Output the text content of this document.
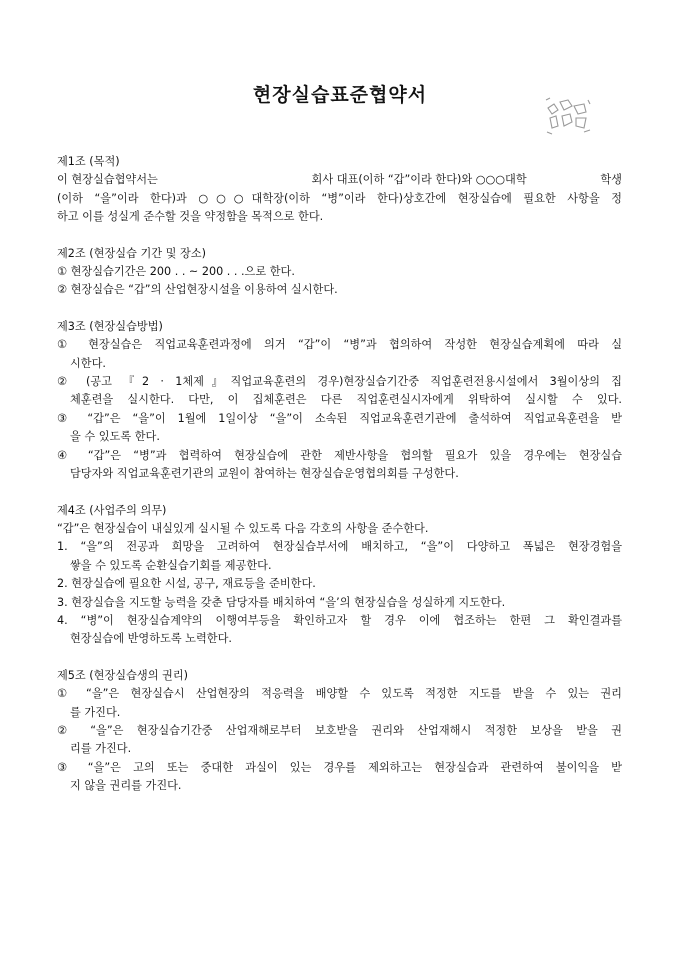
현장실습표준협약서

제1조 (목적)

이 현장실습협약서는	회사 대표(이하 “갑”이라 한다)와 ○○○대학	학생

(이하 “을”이라 한다)과 ○○○대학장(이하 “병”이라 한다)상호간에 현장실습에 필요한 사항을 정

하고 이를 성실게 준수할 것을 약정함을 목적으로 한다.

제2조 (현장실습 기간 및 장소)

① 현장실습기간은 200 . . ~ 200 . . .으로 한다.

② 현장실습은 “갑”의 산업현장시설을 이용하여 실시한다.

제3조 (현장실습방법)

① 현장실습은 직업교육훈련과정에 의거 “갑”이 “병”과 협의하여 작성한 현장실습계획에 따라 실

시한다.

② (공고 『2 · 1체제』직업교육훈련의 경우)현장실습기간중 직업훈련전용시설에서 3월이상의 집

체훈련을 실시한다. 다만, 이 집체훈련은 다른 직업훈련실시자에게 위탁하여 실시할 수 있다.

③ “갑”은 “을”이 1월에 1일이상 “을”이 소속된 직업교육훈련기관에 출석하여 직업교육훈련을 받

을 수 있도록 한다.

④ “갑”은 “병”과 협력하여 현장실습에 관한 제반사항을 협의할 필요가 있을 경우에는 현장실습

담당자와 직업교육훈련기관의 교원이 참여하는 현장실습운영협의회를 구성한다.

제4조 (사업주의 의무)

“갑”은 현장실습이 내실있게 실시될 수 있도록 다음 각호의 사항을 준수한다.

1. “을”의 전공과 희망을 고려하여 현장실습부서에 배치하고, “을”이 다양하고 폭넓은 현장경험을

쌓을 수 있도록 순환실습기회를 제공한다.

2. 현장실습에 필요한 시설, 공구, 재료등을 준비한다.

3. 현장실습을 지도할 능력을 갖춘 담당자를 배치하여 “을’의 현장실습을 성실하게 지도한다.

4. “병”이 현장실습계약의 이행여부등을 확인하고자 할 경우 이에 협조하는 한편 그 확인결과를

현장실습에 반영하도록 노력한다.

제5조 (현장실습생의 권리)

① “을”은 현장실습시 산업현장의 적응력을 배양할 수 있도록 적정한 지도를 받을 수 있는 권리

를 가진다.

② “을”은 현장실습기간중 산업재해로부터 보호받을 권리와 산업재해시 적정한 보상을 받을 권

리를 가진다.

③ “을”은 고의 또는 중대한 과실이 있는 경우를 제외하고는 현장실습과 관련하여 불이익을 받

지 않을 권리를 가진다.
